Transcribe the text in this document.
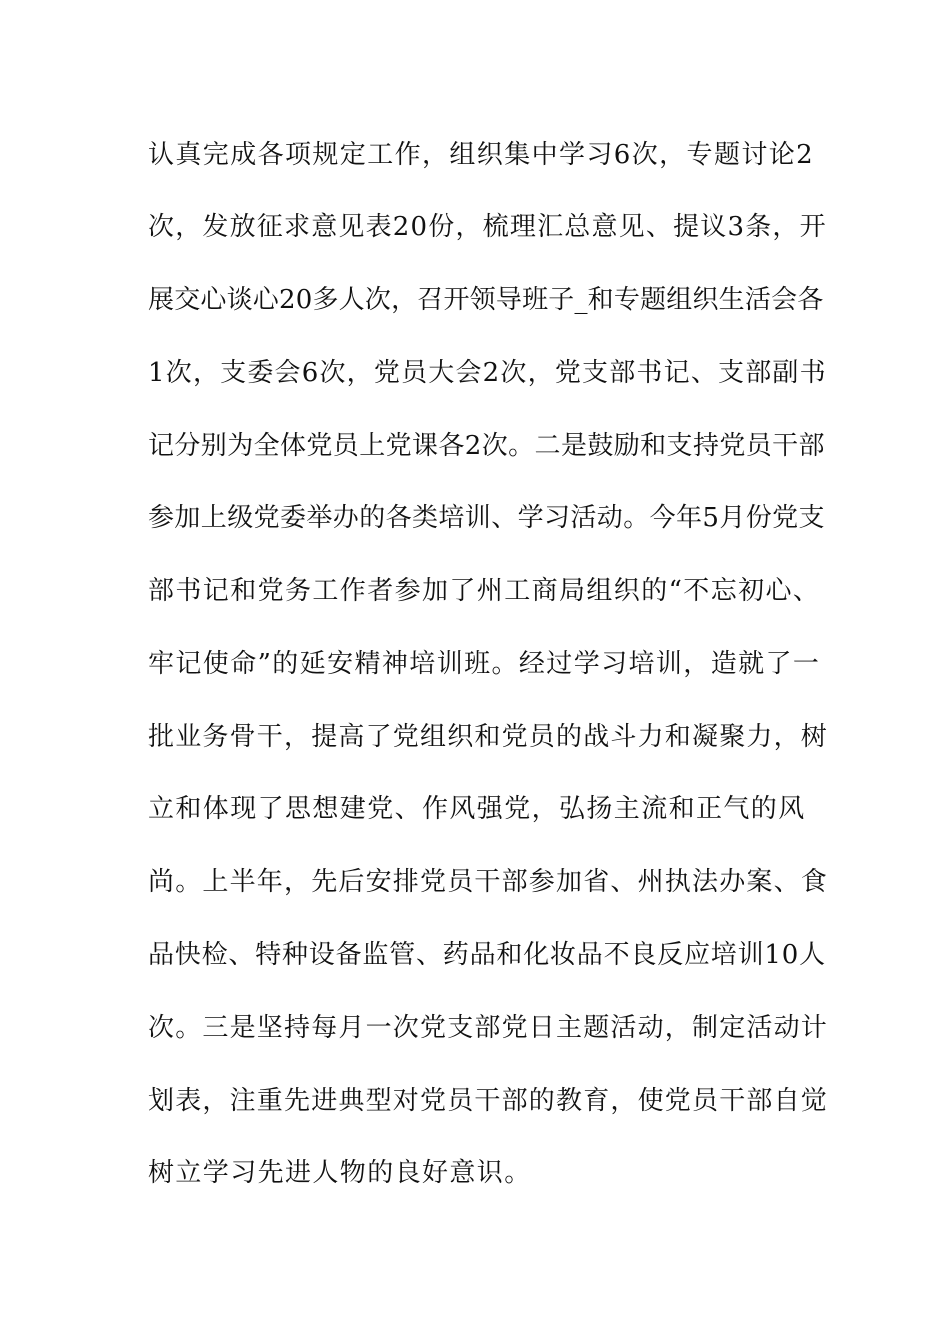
认真完成各项规定工作，组织集中学习6次，专题讨论2
次，发放征求意见表20份，梳理汇总意见、提议3条，开
展交心谈心20多人次，召开领导班子_和专题组织生活会各
1次，支委会6次，党员大会2次，党支部书记、支部副书
记分别为全体党员上党课各2次。二是鼓励和支持党员干部
参加上级党委举办的各类培训、学习活动。今年5月份党支
部书记和党务工作者参加了州工商局组织的“不忘初心、
牢记使命”的延安精神培训班。经过学习培训，造就了一
批业务骨干，提高了党组织和党员的战斗力和凝聚力，树
立和体现了思想建党、作风强党，弘扬主流和正气的风
尚。上半年，先后安排党员干部参加省、州执法办案、食
品快检、特种设备监管、药品和化妆品不良反应培训10人
次。三是坚持每月一次党支部党日主题活动，制定活动计
划表，注重先进典型对党员干部的教育，使党员干部自觉
树立学习先进人物的良好意识。
